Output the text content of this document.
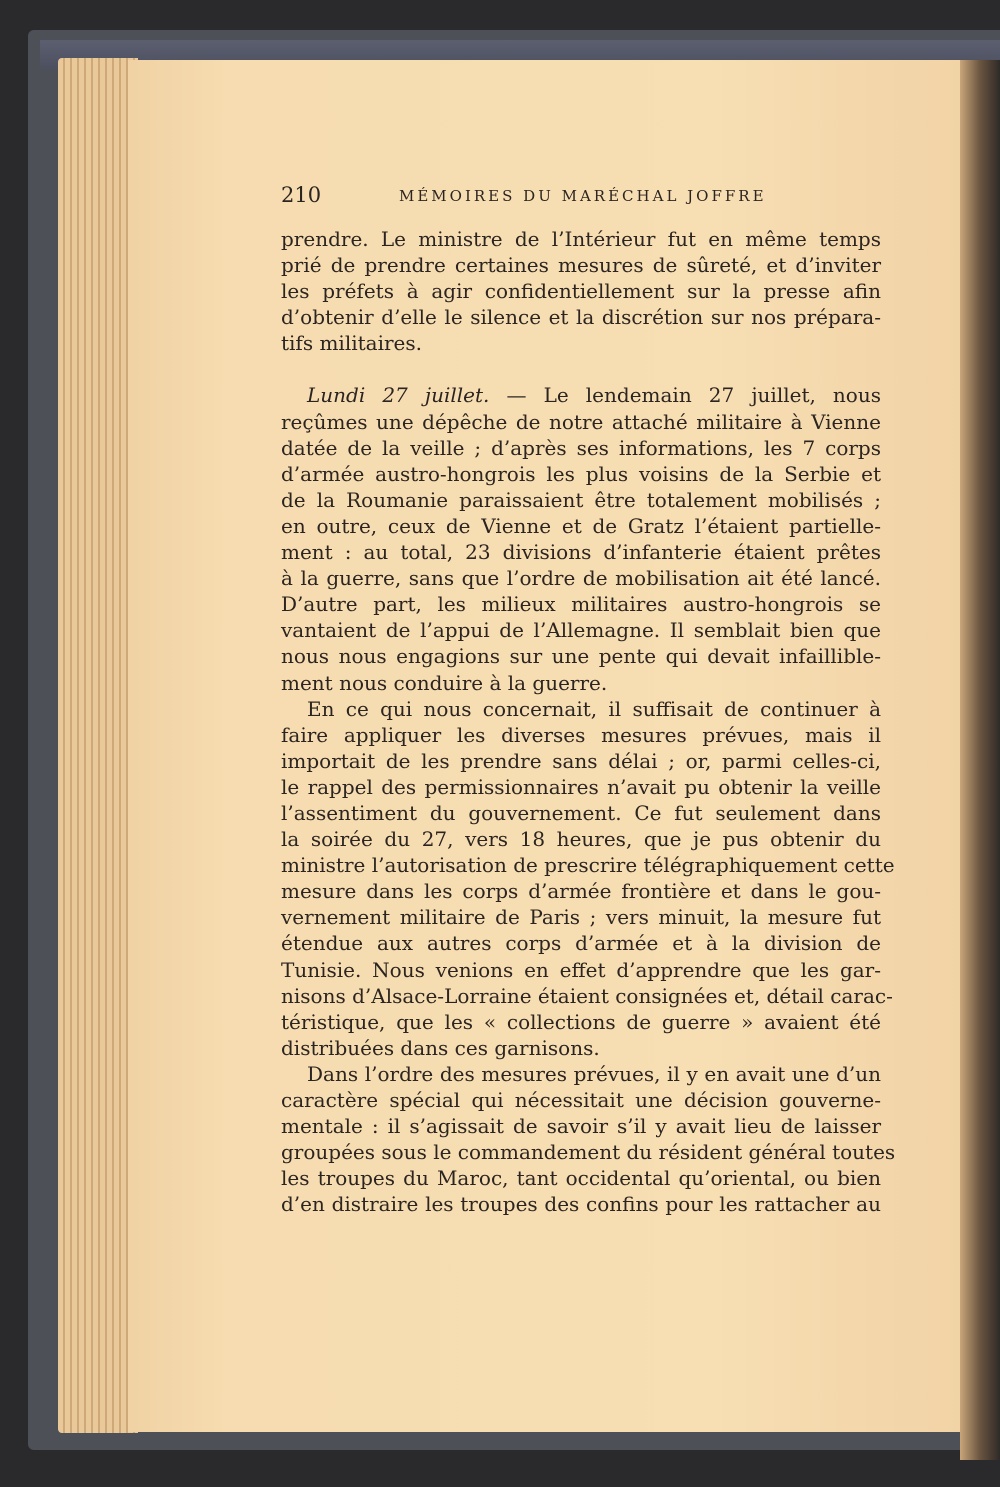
210	MÉMOIRES DU MARÉCHAL JOFFRE
prendre. Le ministre de l’Intérieur fut en même temps
prié de prendre certaines mesures de sûreté, et d’inviter
les préfets à agir confidentiellement sur la presse afin
d’obtenir d’elle le silence et la discrétion sur nos prépara-
tifs militaires.
Lundi 27 juillet. — Le lendemain 27 juillet, nous
reçûmes une dépêche de notre attaché militaire à Vienne
datée de la veille ; d’après ses informations, les 7 corps
d’armée austro-hongrois les plus voisins de la Serbie et
de la Roumanie paraissaient être totalement mobilisés ;
en outre, ceux de Vienne et de Gratz l’étaient partielle-
ment : au total, 23 divisions d’infanterie étaient prêtes
à la guerre, sans que l’ordre de mobilisation ait été lancé.
D’autre part, les milieux militaires austro-hongrois se
vantaient de l’appui de l’Allemagne. Il semblait bien que
nous nous engagions sur une pente qui devait infaillible-
ment nous conduire à la guerre.
En ce qui nous concernait, il suffisait de continuer à
faire appliquer les diverses mesures prévues, mais il
importait de les prendre sans délai ; or, parmi celles-ci,
le rappel des permissionnaires n’avait pu obtenir la veille
l’assentiment du gouvernement. Ce fut seulement dans
la soirée du 27, vers 18 heures, que je pus obtenir du
ministre l’autorisation de prescrire télégraphiquement cette
mesure dans les corps d’armée frontière et dans le gou-
vernement militaire de Paris ; vers minuit, la mesure fut
étendue aux autres corps d’armée et à la division de
Tunisie. Nous venions en effet d’apprendre que les gar-
nisons d’Alsace-Lorraine étaient consignées et, détail carac-
téristique, que les « collections de guerre » avaient été
distribuées dans ces garnisons.
Dans l’ordre des mesures prévues, il y en avait une d’un
caractère spécial qui nécessitait une décision gouverne-
mentale : il s’agissait de savoir s’il y avait lieu de laisser
groupées sous le commandement du résident général toutes
les troupes du Maroc, tant occidental qu’oriental, ou bien
d’en distraire les troupes des confins pour les rattacher au
